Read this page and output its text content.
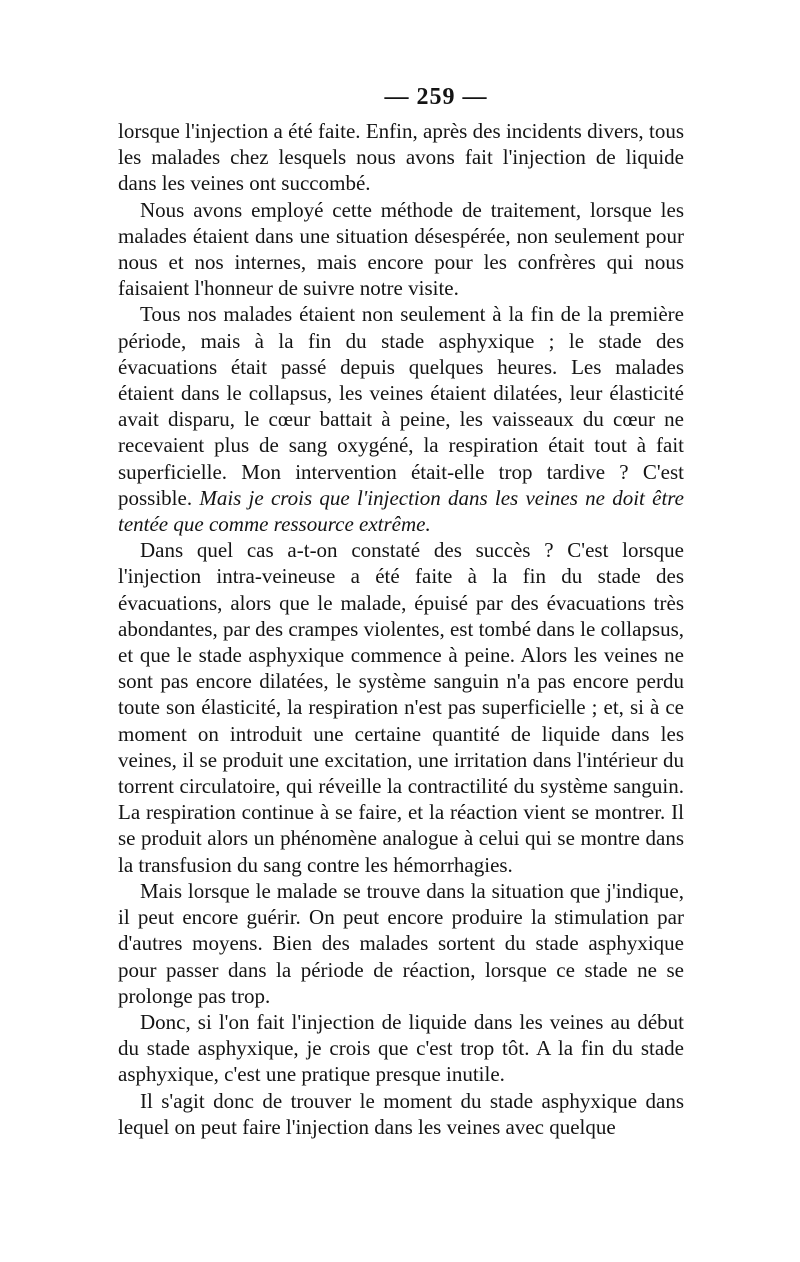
— 259 —

lorsque l'injection a été faite. Enfin, après des incidents divers, tous les malades chez lesquels nous avons fait l'injection de liquide dans les veines ont succombé.

Nous avons employé cette méthode de traitement, lorsque les malades étaient dans une situation désespérée, non seulement pour nous et nos internes, mais encore pour les confrères qui nous faisaient l'honneur de suivre notre visite.

Tous nos malades étaient non seulement à la fin de la première période, mais à la fin du stade asphyxique ; le stade des évacuations était passé depuis quelques heures. Les malades étaient dans le collapsus, les veines étaient dilatées, leur élasticité avait disparu, le cœur battait à peine, les vaisseaux du cœur ne recevaient plus de sang oxygéné, la respiration était tout à fait superficielle. Mon intervention était-elle trop tardive ? C'est possible. Mais je crois que l'injection dans les veines ne doit être tentée que comme ressource extrême.

Dans quel cas a-t-on constaté des succès ? C'est lorsque l'injection intra-veineuse a été faite à la fin du stade des évacuations, alors que le malade, épuisé par des évacuations très abondantes, par des crampes violentes, est tombé dans le collapsus, et que le stade asphyxique commence à peine. Alors les veines ne sont pas encore dilatées, le système sanguin n'a pas encore perdu toute son élasticité, la respiration n'est pas superficielle ; et, si à ce moment on introduit une certaine quantité de liquide dans les veines, il se produit une excitation, une irritation dans l'intérieur du torrent circulatoire, qui réveille la contractilité du système sanguin. La respiration continue à se faire, et la réaction vient se montrer. Il se produit alors un phénomène analogue à celui qui se montre dans la transfusion du sang contre les hémorrhagies.

Mais lorsque le malade se trouve dans la situation que j'indique, il peut encore guérir. On peut encore produire la stimulation par d'autres moyens. Bien des malades sortent du stade asphyxique pour passer dans la période de réaction, lorsque ce stade ne se prolonge pas trop.

Donc, si l'on fait l'injection de liquide dans les veines au début du stade asphyxique, je crois que c'est trop tôt. A la fin du stade asphyxique, c'est une pratique presque inutile.

Il s'agit donc de trouver le moment du stade asphyxique dans lequel on peut faire l'injection dans les veines avec quelque
